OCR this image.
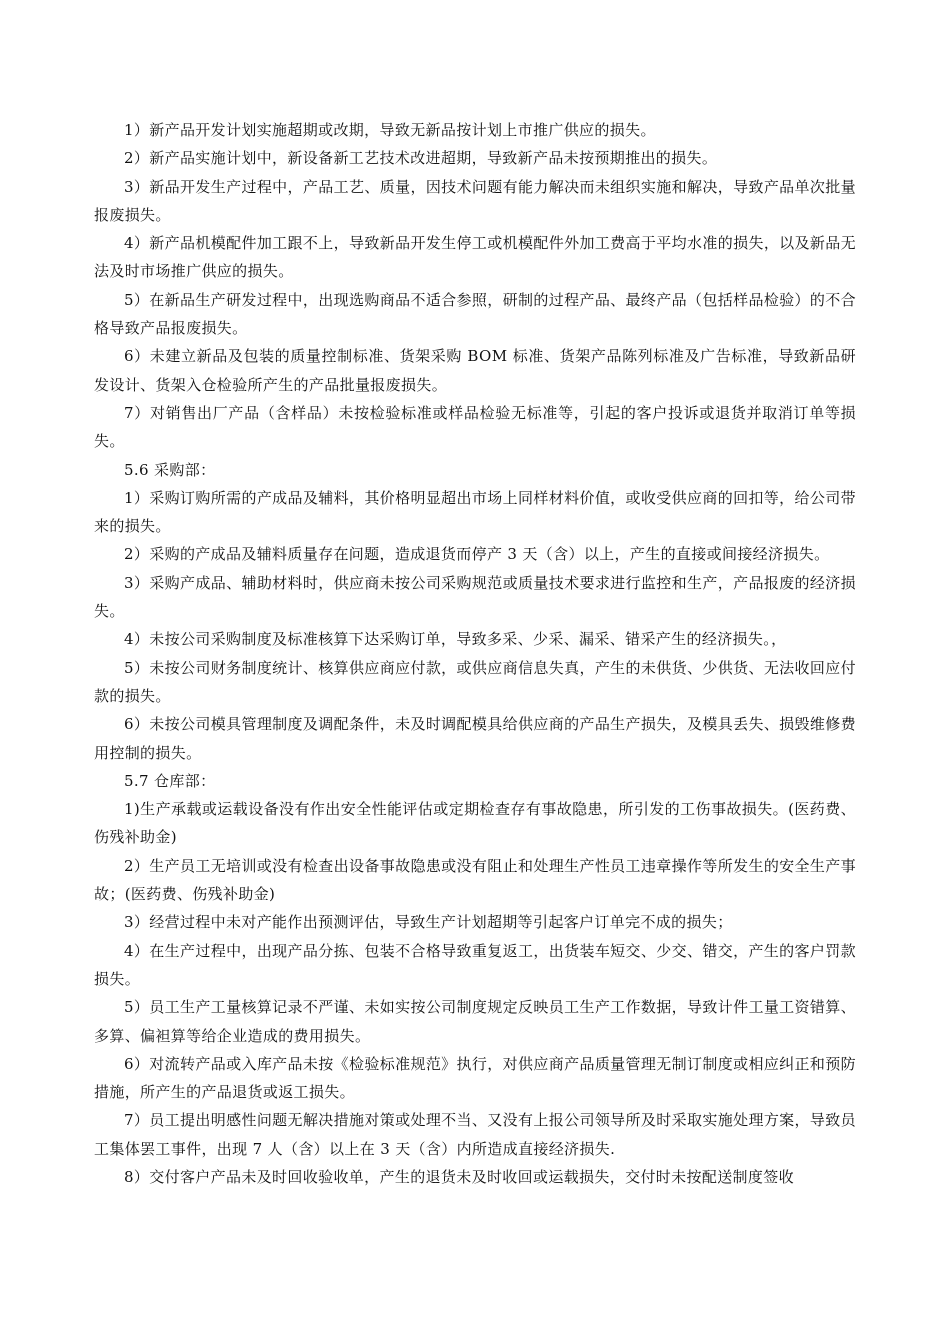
1）新产品开发计划实施超期或改期，导致无新品按计划上市推广供应的损失。

2）新产品实施计划中，新设备新工艺技术改进超期，导致新产品未按预期推出的损失。

3）新品开发生产过程中，产品工艺、质量，因技术问题有能力解决而未组织实施和解决，导致产品单次批量报废损失。

4）新产品机模配件加工跟不上，导致新品开发生停工或机模配件外加工费高于平均水准的损失，以及新品无法及时市场推广供应的损失。

5）在新品生产研发过程中，出现选购商品不适合参照，研制的过程产品、最终产品（包括样品检验）的不合格导致产品报废损失。

6）未建立新品及包装的质量控制标准、货架采购 BOM 标准、货架产品陈列标准及广告标准，导致新品研发设计、货架入仓检验所产生的产品批量报废损失。

7）对销售出厂产品（含样品）未按检验标准或样品检验无标准等，引起的客户投诉或退货并取消订单等损失。

5.6 采购部：

1）采购订购所需的产成品及辅料，其价格明显超出市场上同样材料价值，或收受供应商的回扣等，给公司带来的损失。

2）采购的产成品及辅料质量存在问题，造成退货而停产 3 天（含）以上，产生的直接或间接经济损失。

3）采购产成品、辅助材料时，供应商未按公司采购规范或质量技术要求进行监控和生产，产品报废的经济损失。

4）未按公司采购制度及标准核算下达采购订单，导致多采、少采、漏采、错采产生的经济损失。，

5）未按公司财务制度统计、核算供应商应付款，或供应商信息失真，产生的未供货、少供货、无法收回应付款的损失。

6）未按公司模具管理制度及调配条件，未及时调配模具给供应商的产品生产损失，及模具丢失、损毁维修费用控制的损失。

5.7 仓库部：

1)生产承载或运载设备没有作出安全性能评估或定期检查存有事故隐患，所引发的工伤事故损失。(医药费、伤残补助金)

2）生产员工无培训或没有检查出设备事故隐患或没有阻止和处理生产性员工违章操作等所发生的安全生产事故；(医药费、伤残补助金)

3）经营过程中未对产能作出预测评估，导致生产计划超期等引起客户订单完不成的损失；

4）在生产过程中，出现产品分拣、包装不合格导致重复返工，出货装车短交、少交、错交，产生的客户罚款损失。

5）员工生产工量核算记录不严谨、未如实按公司制度规定反映员工生产工作数据，导致计件工量工资错算、多算、偏袒算等给企业造成的费用损失。

6）对流转产品或入库产品未按《检验标准规范》执行，对供应商产品质量管理无制订制度或相应纠正和预防措施，所产生的产品退货或返工损失。

7）员工提出明感性问题无解决措施对策或处理不当、又没有上报公司领导所及时采取实施处理方案，导致员工集体罢工事件，出现 7 人（含）以上在 3 天（含）内所造成直接经济损失.

8）交付客户产品未及时回收验收单，产生的退货未及时收回或运载损失，交付时未按配送制度签收
